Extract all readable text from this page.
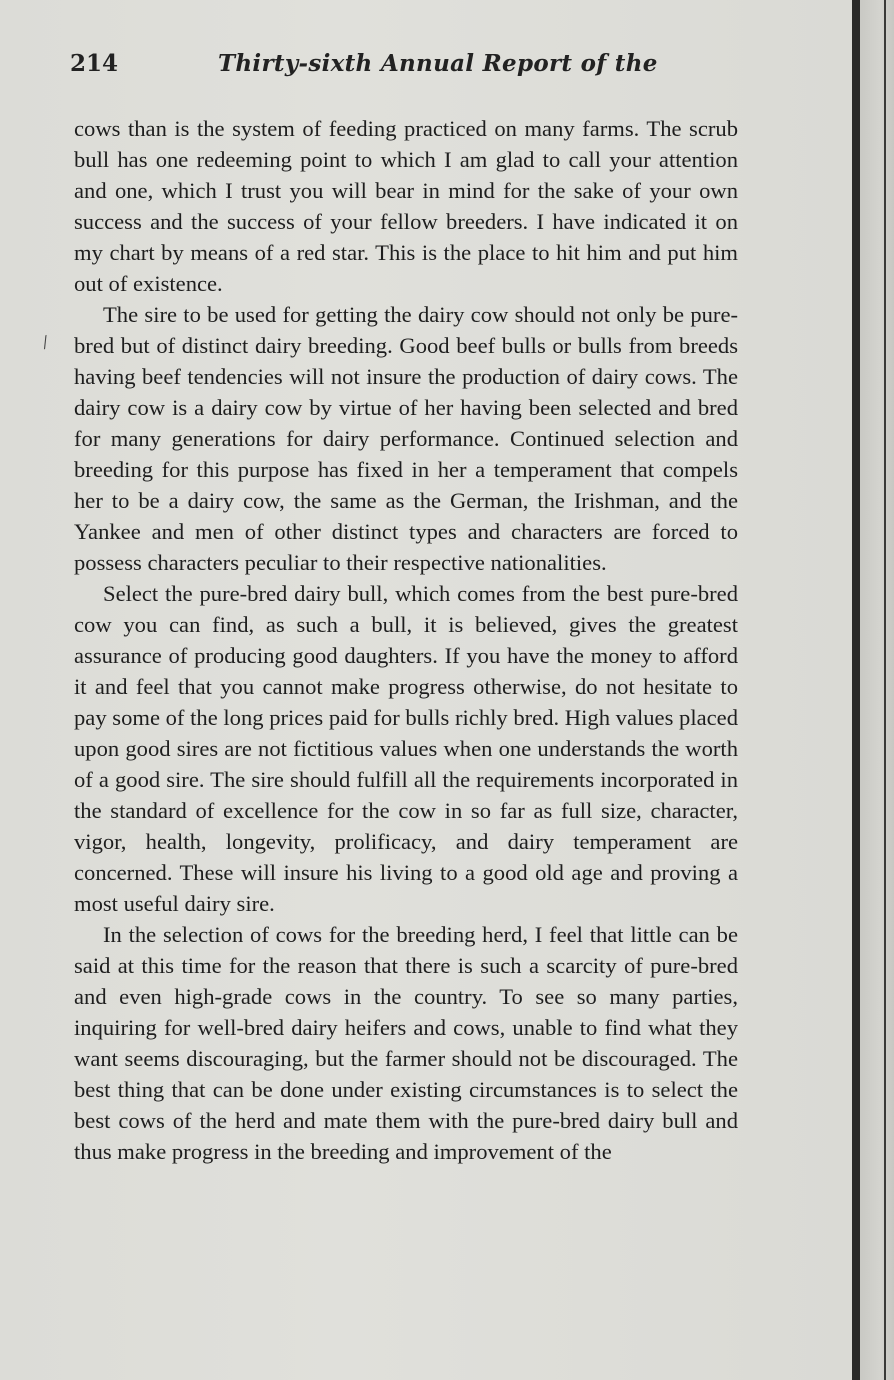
214	Thirty-sixth Annual Report of the
⁄

cows than is the system of feeding practiced on many farms. The scrub bull has one redeeming point to which I am glad to call your attention and one, which I trust you will bear in mind for the sake of your own success and the success of your fellow breeders. I have indicated it on my chart by means of a red star. This is the place to hit him and put him out of existence.

The sire to be used for getting the dairy cow should not only be pure-bred but of distinct dairy breeding. Good beef bulls or bulls from breeds having beef tendencies will not insure the production of dairy cows. The dairy cow is a dairy cow by virtue of her having been selected and bred for many generations for dairy performance. Continued selection and breeding for this purpose has fixed in her a temperament that compels her to be a dairy cow, the same as the German, the Irishman, and the Yankee and men of other distinct types and characters are forced to possess characters peculiar to their respective nationalities.

Select the pure-bred dairy bull, which comes from the best pure-bred cow you can find, as such a bull, it is believed, gives the greatest assurance of producing good daughters. If you have the money to afford it and feel that you cannot make progress otherwise, do not hesitate to pay some of the long prices paid for bulls richly bred. High values placed upon good sires are not fictitious values when one understands the worth of a good sire. The sire should fulfill all the requirements incorporated in the standard of excellence for the cow in so far as full size, character, vigor, health, longevity, prolificacy, and dairy temperament are concerned. These will insure his living to a good old age and proving a most useful dairy sire.

In the selection of cows for the breeding herd, I feel that little can be said at this time for the reason that there is such a scarcity of pure-bred and even high-grade cows in the country. To see so many parties, inquiring for well-bred dairy heifers and cows, unable to find what they want seems discouraging, but the farmer should not be discouraged. The best thing that can be done under existing circumstances is to select the best cows of the herd and mate them with the pure-bred dairy bull and thus make progress in the breeding and improvement of the
